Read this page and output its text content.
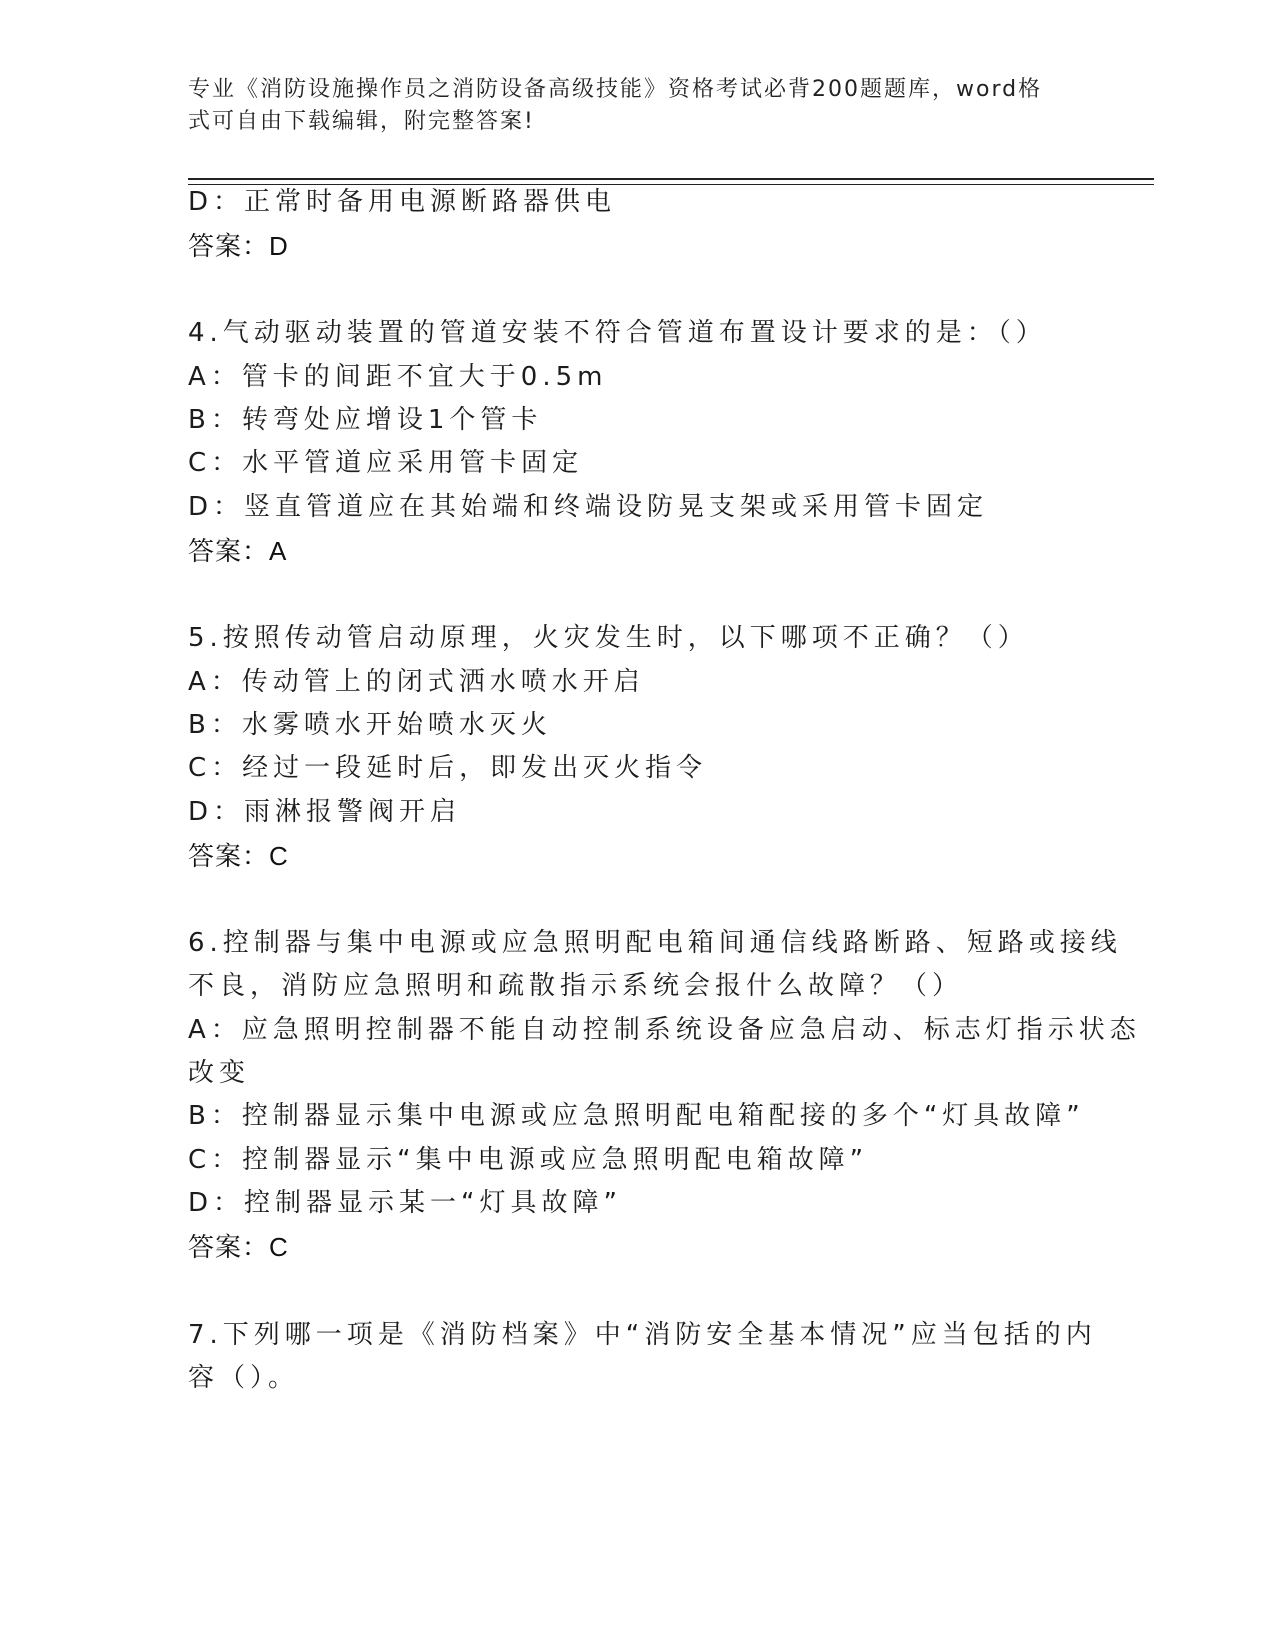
专业《消防设施操作员之消防设备高级技能》资格考试必背200题题库，word格
式可自由下载编辑，附完整答案!
D：正常时备用电源断路器供电
答案：D
4.气动驱动装置的管道安装不符合管道布置设计要求的是：（）
A：管卡的间距不宜大于0.5m
B：转弯处应增设1个管卡
C：水平管道应采用管卡固定
D：竖直管道应在其始端和终端设防晃支架或采用管卡固定
答案：A
5.按照传动管启动原理，火灾发生时，以下哪项不正确？（）
A：传动管上的闭式洒水喷水开启
B：水雾喷水开始喷水灭火
C：经过一段延时后，即发出灭火指令
D：雨淋报警阀开启
答案：C
6.控制器与集中电源或应急照明配电箱间通信线路断路、短路或接线
不良，消防应急照明和疏散指示系统会报什么故障？（）
A：应急照明控制器不能自动控制系统设备应急启动、标志灯指示状态
改变
B：控制器显示集中电源或应急照明配电箱配接的多个“灯具故障”
C：控制器显示“集中电源或应急照明配电箱故障”
D：控制器显示某一“灯具故障”
答案：C
7.下列哪一项是《消防档案》中“消防安全基本情况”应当包括的内
容（）。
